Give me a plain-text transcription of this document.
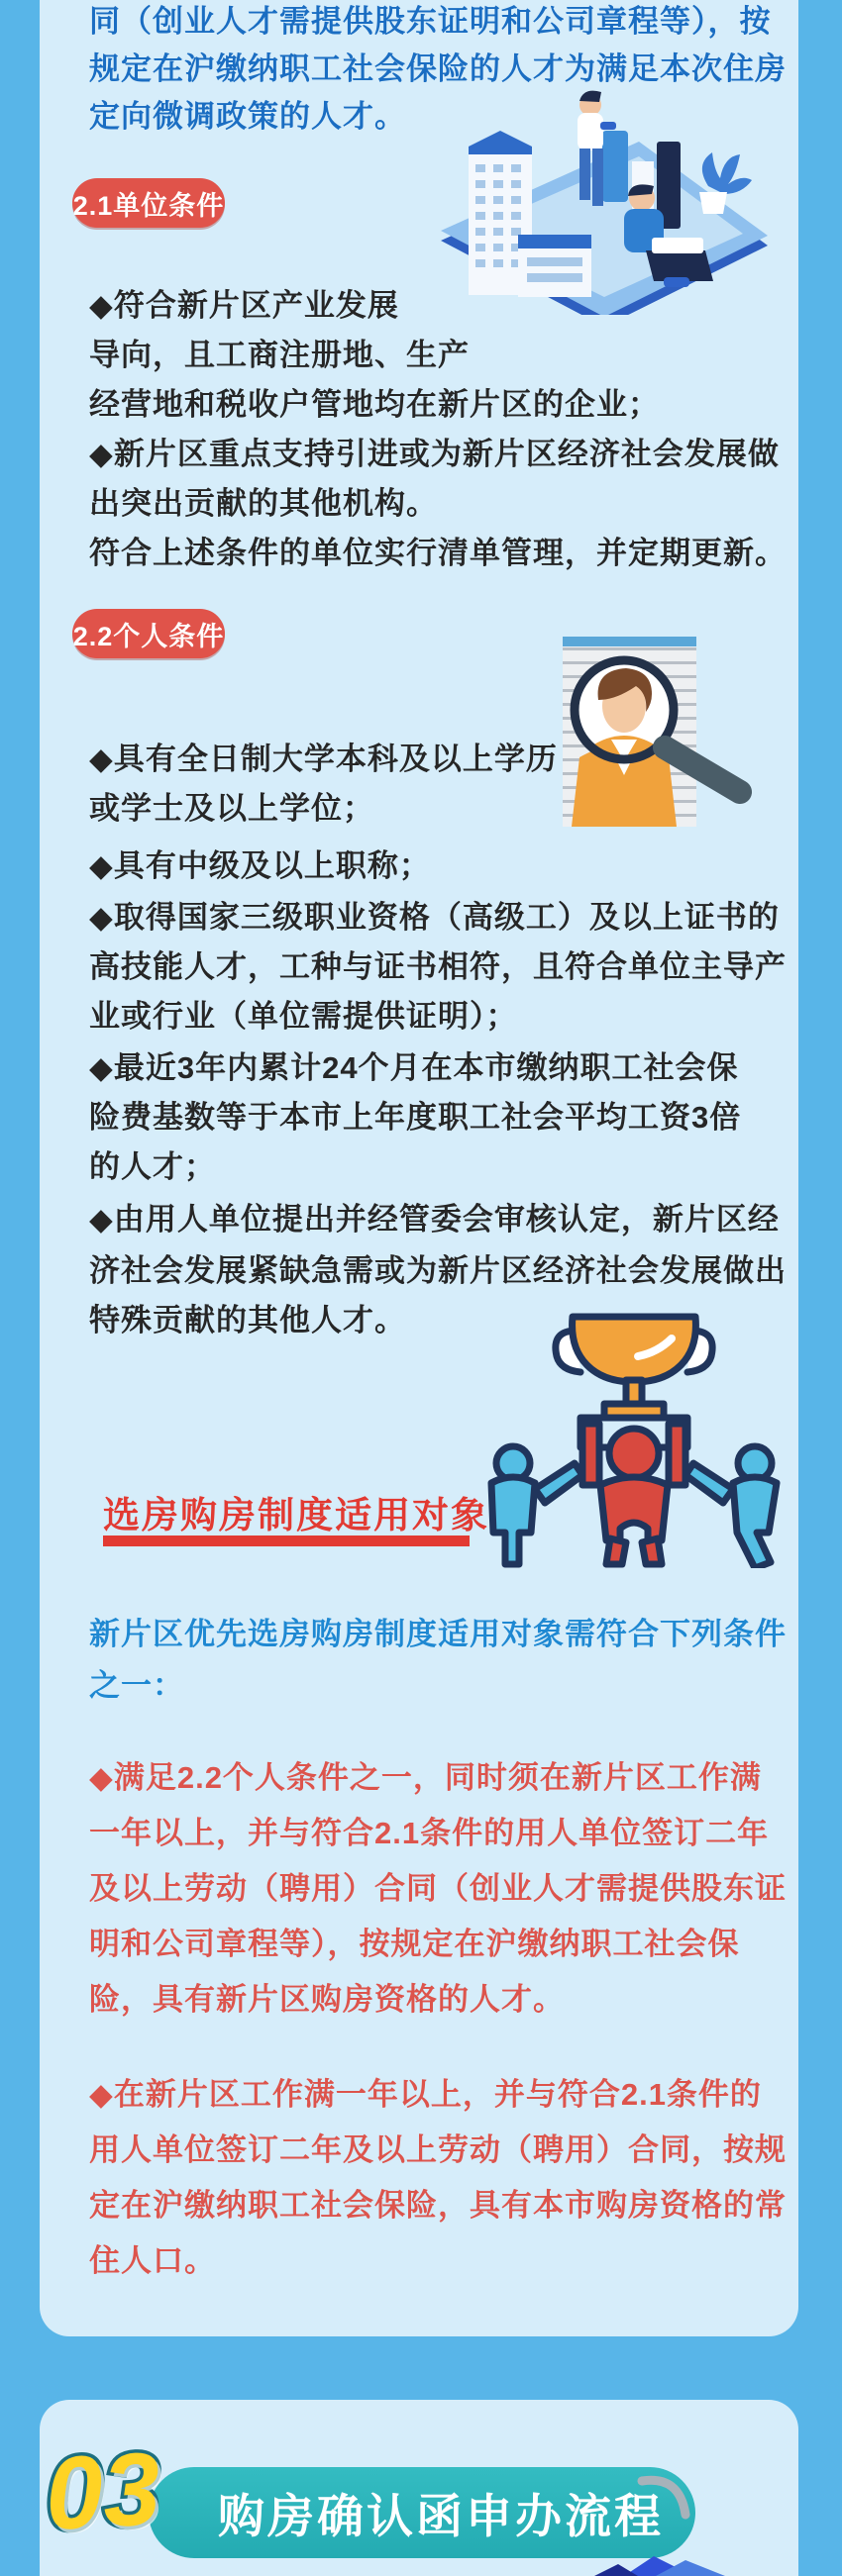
同（创业人才需提供股东证明和公司章程等），按
规定在沪缴纳职工社会保险的人才为满足本次住房
定向微调政策的人才。
2.1单位条件
◆符合新片区产业发展
导向，且工商注册地、生产
经营地和税收户管地均在新片区的企业；
◆新片区重点支持引进或为新片区经济社会发展做
出突出贡献的其他机构。
符合上述条件的单位实行清单管理，并定期更新。
2.2个人条件
◆具有全日制大学本科及以上学历
或学士及以上学位；
◆具有中级及以上职称；
◆取得国家三级职业资格（高级工）及以上证书的
高技能人才，工种与证书相符，且符合单位主导产
业或行业（单位需提供证明）；
◆最近3年内累计24个月在本市缴纳职工社会保
险费基数等于本市上年度职工社会平均工资3倍
的人才；
◆由用人单位提出并经管委会审核认定，新片区经
济社会发展紧缺急需或为新片区经济社会发展做出
特殊贡献的其他人才。
选房购房制度适用对象
新片区优先选房购房制度适用对象需符合下列条件
之一：
◆满足2.2个人条件之一，同时须在新片区工作满
一年以上，并与符合2.1条件的用人单位签订二年
及以上劳动（聘用）合同（创业人才需提供股东证
明和公司章程等），按规定在沪缴纳职工社会保
险，具有新片区购房资格的人才。
◆在新片区工作满一年以上，并与符合2.1条件的
用人单位签订二年及以上劳动（聘用）合同，按规
定在沪缴纳职工社会保险，具有本市购房资格的常
住人口。
购房确认函申办流程
03
